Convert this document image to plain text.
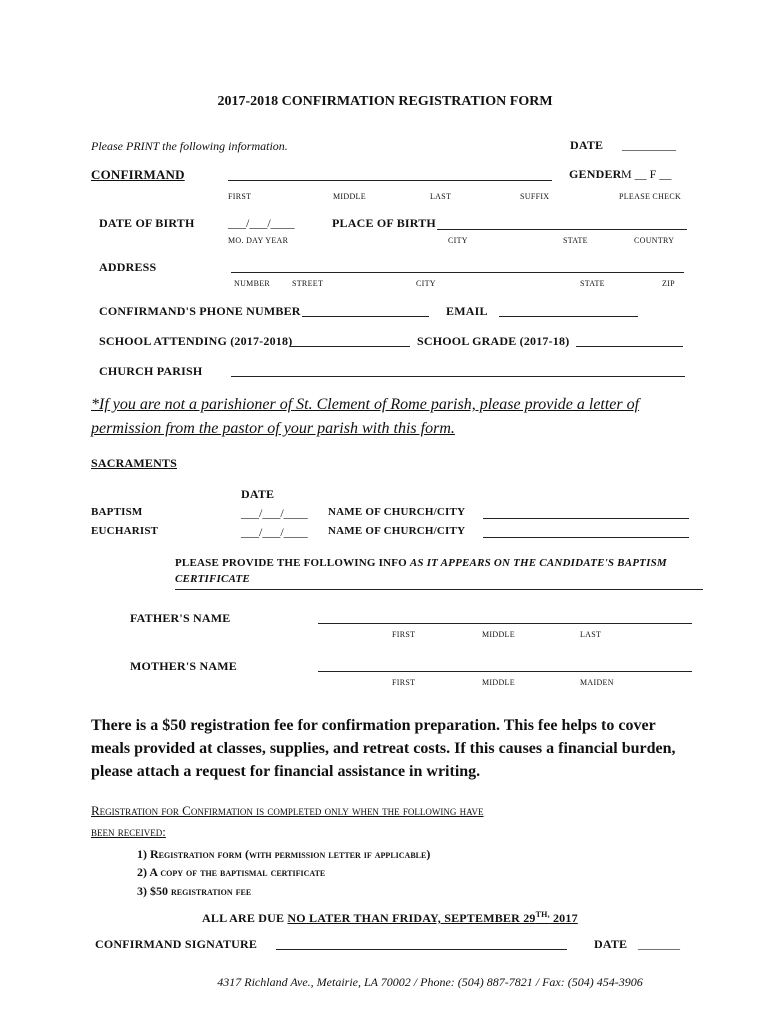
2017-2018 CONFIRMATION REGISTRATION FORM
Please PRINT the following information.	DATE _________
CONFIRMAND	GENDER M __ F __
FIRST	MIDDLE	LAST	SUFFIX	PLEASE CHECK
DATE OF BIRTH	___/___/____
MO. DAY YEAR
PLACE OF BIRTH
CITY	STATE	COUNTRY
ADDRESS
NUMBER	STREET	CITY	STATE	ZIP
CONFIRMAND'S PHONE NUMBER	EMAIL
SCHOOL ATTENDING (2017-2018)	SCHOOL GRADE (2017-18)
CHURCH PARISH
*If you are not a parishioner of St. Clement of Rome parish, please provide a letter of
permission from the pastor of your parish with this form.
SACRAMENTS
DATE
BAPTISM	___/___/____ NAME OF CHURCH/CITY
EUCHARIST	___/___/____ NAME OF CHURCH/CITY
PLEASE PROVIDE THE FOLLOWING INFO AS IT APPEARS ON THE CANDIDATE'S BAPTISM
CERTIFICATE
FATHER'S NAME
FIRST	MIDDLE	LAST
MOTHER'S NAME
FIRST	MIDDLE	MAIDEN
There is a $50 registration fee for confirmation preparation. This fee helps to cover meals provided at classes, supplies, and retreat costs. If this causes a financial burden, please attach a request for financial assistance in writing.
Registration for Confirmation is completed only when the following have
been received:
1) Registration form (with permission letter if applicable)
2) A copy of the baptismal certificate
3) $50 registration fee
ALL ARE DUE NO LATER THAN FRIDAY, SEPTEMBER $29^{TH,}$ 2017
CONFIRMAND SIGNATURE	DATE _______
4317 Richland Ave., Metairie, LA 70002 / Phone: (504) 887-7821 / Fax: (504) 454-3906
